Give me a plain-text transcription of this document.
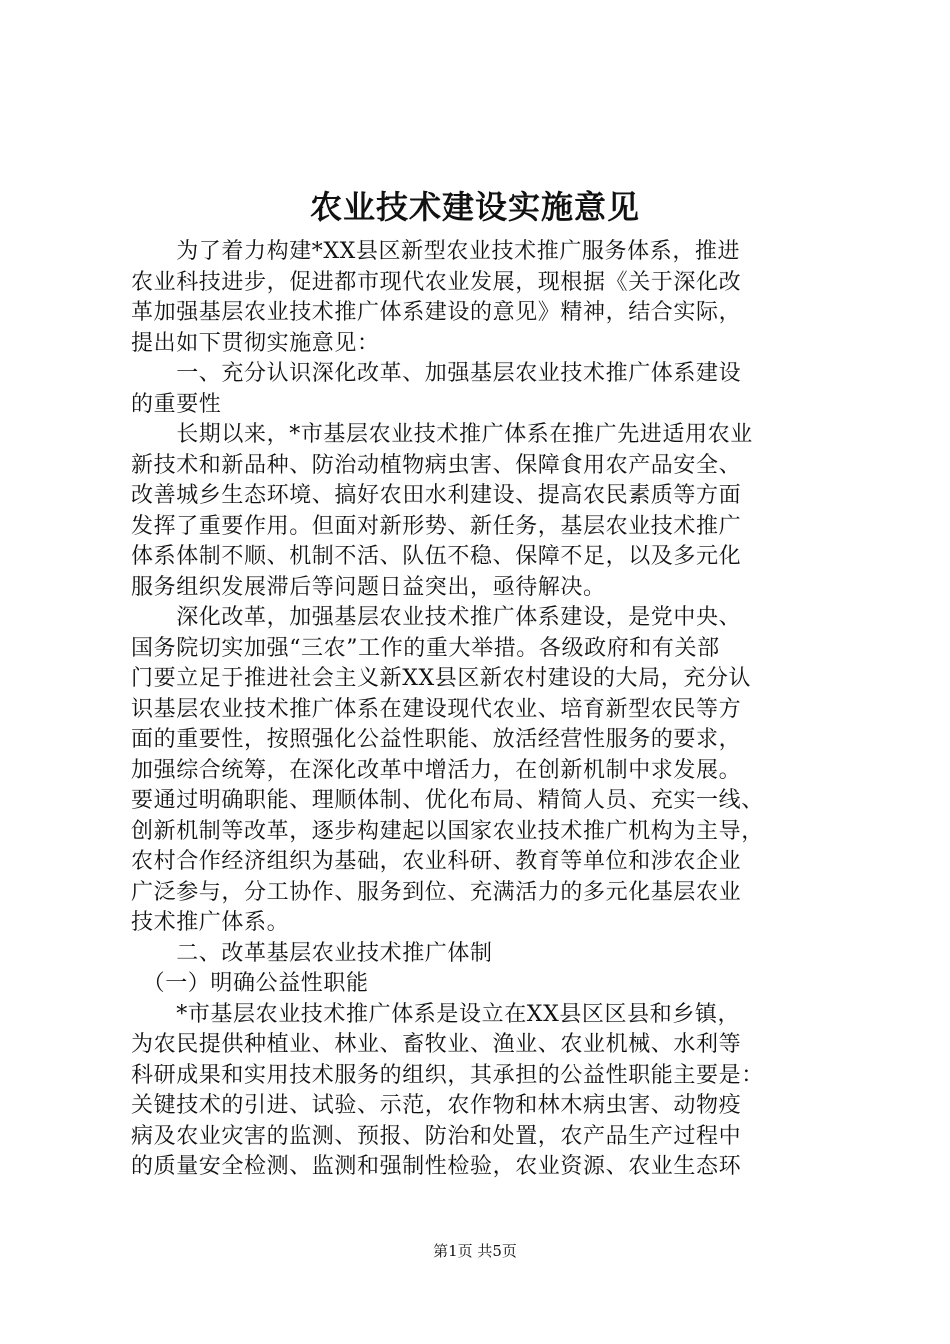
农业技术建设实施意见
　　为了着力构建*XX县区新型农业技术推广服务体系，推进
农业科技进步，促进都市现代农业发展，现根据《关于深化改
革加强基层农业技术推广体系建设的意见》精神，结合实际，
提出如下贯彻实施意见：
　　一、充分认识深化改革、加强基层农业技术推广体系建设
的重要性
　　长期以来，*市基层农业技术推广体系在推广先进适用农业
新技术和新品种、防治动植物病虫害、保障食用农产品安全、
改善城乡生态环境、搞好农田水利建设、提高农民素质等方面
发挥了重要作用。但面对新形势、新任务，基层农业技术推广
体系体制不顺、机制不活、队伍不稳、保障不足，以及多元化
服务组织发展滞后等问题日益突出，亟待解决。
　　深化改革，加强基层农业技术推广体系建设，是党中央、
国务院切实加强“三农”工作的重大举措。各级政府和有关部
门要立足于推进社会主义新XX县区新农村建设的大局，充分认
识基层农业技术推广体系在建设现代农业、培育新型农民等方
面的重要性，按照强化公益性职能、放活经营性服务的要求，
加强综合统筹，在深化改革中增活力，在创新机制中求发展。
要通过明确职能、理顺体制、优化布局、精简人员、充实一线、
创新机制等改革，逐步构建起以国家农业技术推广机构为主导，
农村合作经济组织为基础，农业科研、教育等单位和涉农企业
广泛参与，分工协作、服务到位、充满活力的多元化基层农业
技术推广体系。
　　二、改革基层农业技术推广体制
　（一）明确公益性职能
　　*市基层农业技术推广体系是设立在XX县区区县和乡镇，
为农民提供种植业、林业、畜牧业、渔业、农业机械、水利等
科研成果和实用技术服务的组织，其承担的公益性职能主要是：
关键技术的引进、试验、示范，农作物和林木病虫害、动物疫
病及农业灾害的监测、预报、防治和处置，农产品生产过程中
的质量安全检测、监测和强制性检验，农业资源、农业生态环
第1页 共5页
